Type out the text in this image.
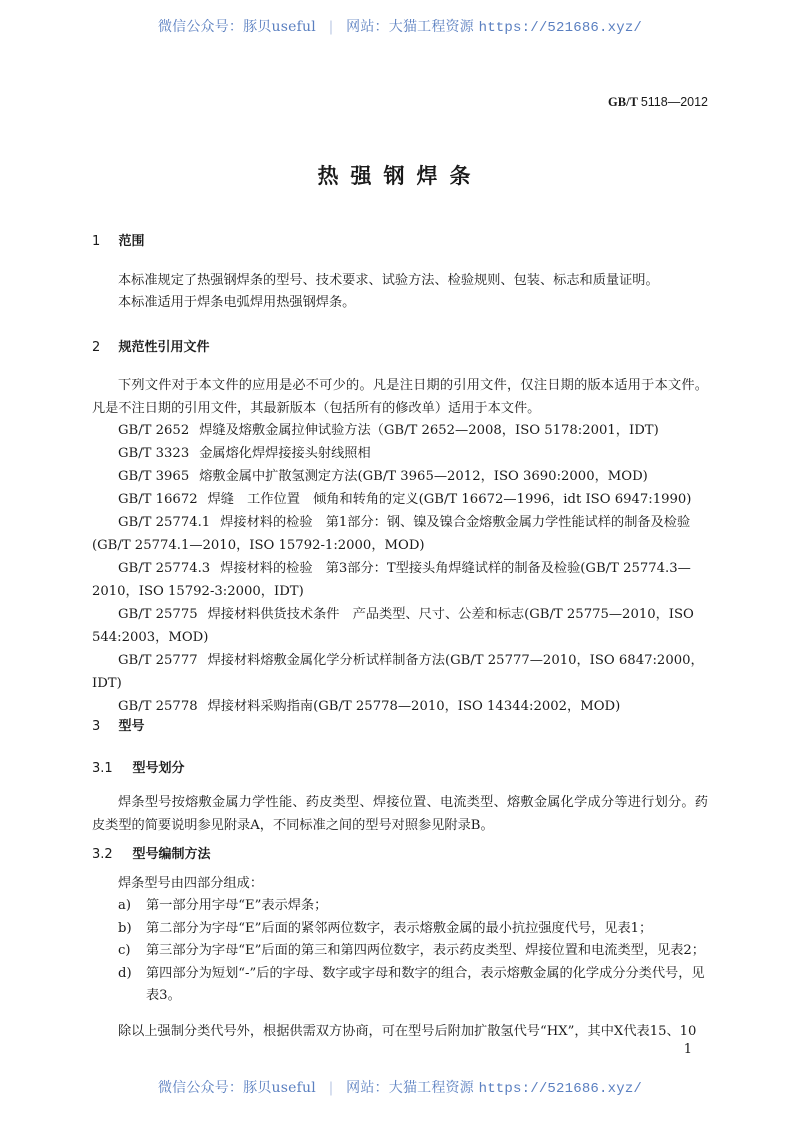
微信公众号：豚贝useful | 网站：大猫工程资源 https://521686.xyz/
GB/T 5118—2012
热强钢焊条
1 范围
本标准规定了热强钢焊条的型号、技术要求、试验方法、检验规则、包装、标志和质量证明。
本标准适用于焊条电弧焊用热强钢焊条。
2 规范性引用文件
下列文件对于本文件的应用是必不可少的。凡是注日期的引用文件，仅注日期的版本适用于本文件。凡是不注日期的引用文件，其最新版本（包括所有的修改单）适用于本文件。
GB/T 2652 焊缝及熔敷金属拉伸试验方法（GB/T 2652—2008，ISO 5178:2001，IDT)
GB/T 3323 金属熔化焊焊接接头射线照相
GB/T 3965 熔敷金属中扩散氢测定方法(GB/T 3965—2012，ISO 3690:2000，MOD)
GB/T 16672 焊缝　工作位置　倾角和转角的定义(GB/T 16672—1996，idt ISO 6947:1990)
GB/T 25774.1 焊接材料的检验　第1部分：钢、镍及镍合金熔敷金属力学性能试样的制备及检验(GB/T 25774.1—2010，ISO 15792-1:2000，MOD)
GB/T 25774.3 焊接材料的检验　第3部分：T型接头角焊缝试样的制备及检验(GB/T 25774.3—2010，ISO 15792-3:2000，IDT)
GB/T 25775 焊接材料供货技术条件　产品类型、尺寸、公差和标志(GB/T 25775—2010，ISO 544:2003，MOD)
GB/T 25777 焊接材料熔敷金属化学分析试样制备方法(GB/T 25777—2010，ISO 6847:2000，IDT)
GB/T 25778 焊接材料采购指南(GB/T 25778—2010，ISO 14344:2002，MOD)
3 型号
3.1 型号划分
焊条型号按熔敷金属力学性能、药皮类型、焊接位置、电流类型、熔敷金属化学成分等进行划分。药皮类型的简要说明参见附录A，不同标准之间的型号对照参见附录B。
3.2 型号编制方法
焊条型号由四部分组成：
a)	第一部分用字母“E”表示焊条；
b)	第二部分为字母“E”后面的紧邻两位数字，表示熔敷金属的最小抗拉强度代号，见表1；
c)	第三部分为字母“E”后面的第三和第四两位数字，表示药皮类型、焊接位置和电流类型，见表2；
d)	第四部分为短划“-”后的字母、数字或字母和数字的组合，表示熔敷金属的化学成分分类代号，见表3。
除以上强制分类代号外，根据供需双方协商，可在型号后附加扩散氢代号“HX”，其中X代表15、10
1
微信公众号：豚贝useful | 网站：大猫工程资源 https://521686.xyz/
